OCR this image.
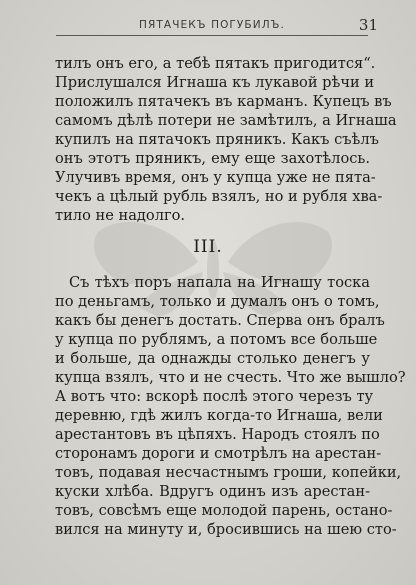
ПЯТАЧЕКЪ ПОГУБИЛЪ.	31
тилъ онъ его, а тебѣ пятакъ пригодится“.
Прислушался Игнаша къ лукавой рѣчи и
положилъ пятачекъ въ карманъ. Купецъ въ
самомъ дѣлѣ потери не замѣтилъ, а Игнаша
купилъ на пятачокъ пряникъ. Какъ съѣлъ
онъ этотъ пряникъ, ему еще захотѣлось.
Улучивъ время, онъ у купца уже не пята-
чекъ а цѣлый рубль взялъ, но и рубля хва-
тило не надолго.
III.
Съ тѣхъ поръ напала на Игнашу тоска
по деньгамъ, только и думалъ онъ о томъ,
какъ бы денегъ достать. Сперва онъ бралъ
у купца по рублямъ, а потомъ все больше
и больше, да однажды столько денегъ у
купца взялъ, что и не счесть. Что же вышло?
А вотъ что: вскорѣ послѣ этого черезъ ту
деревню, гдѣ жилъ когда-то Игнаша, вели
арестантовъ въ цѣпяхъ. Народъ стоялъ по
сторонамъ дороги и смотрѣлъ на арестан-
товъ, подавая несчастнымъ гроши, копейки,
куски хлѣба. Вдругъ одинъ изъ арестан-
товъ, совсѣмъ еще молодой парень, остано-
вился на минуту и, бросившись на шею сто-
